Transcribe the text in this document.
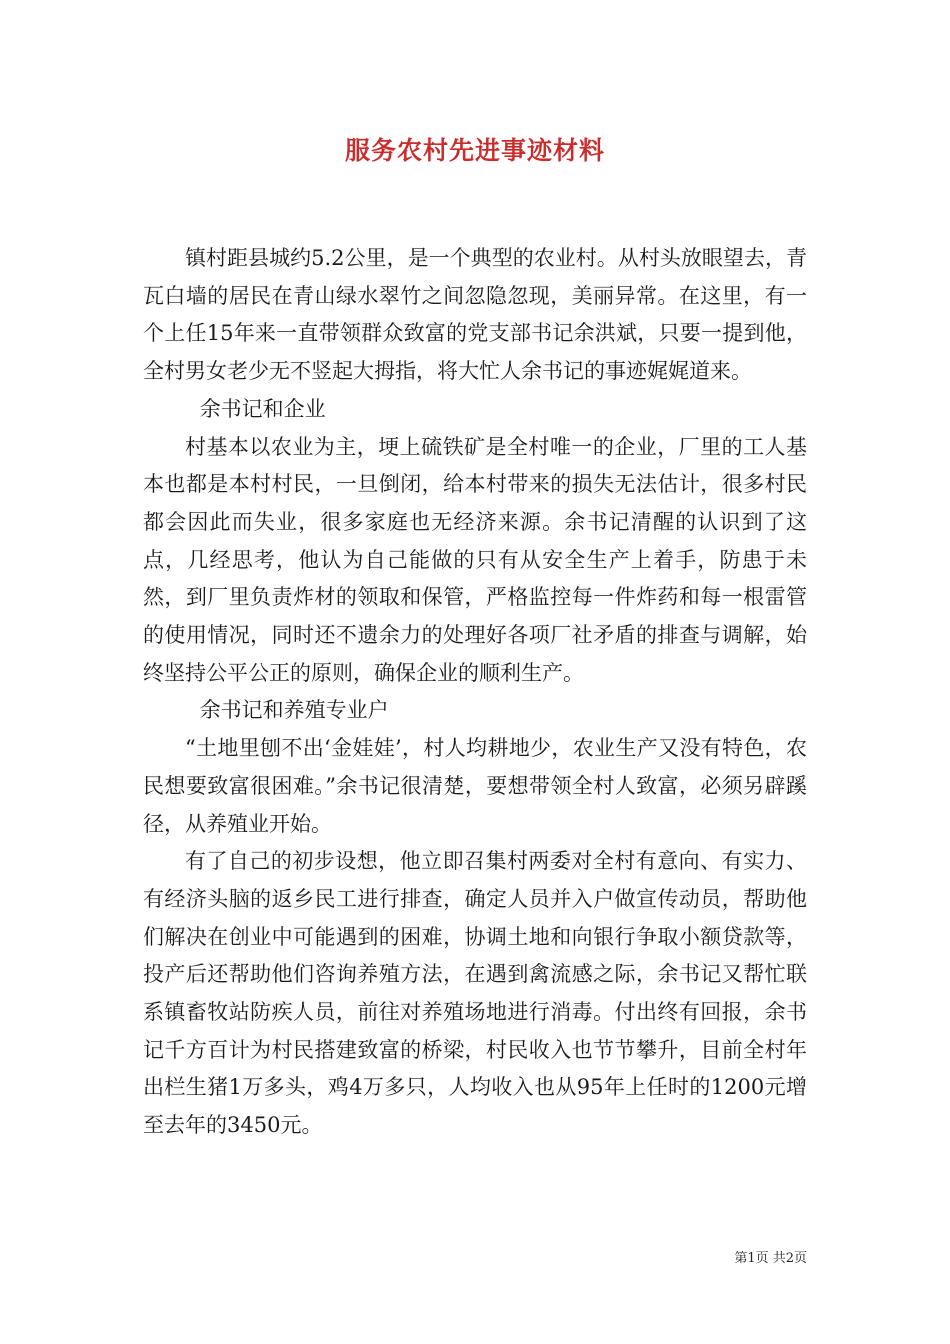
服务农村先进事迹材料

镇村距县城约5.2公里，是一个典型的农业村。从村头放眼望去，青瓦白墙的居民在青山绿水翠竹之间忽隐忽现，美丽异常。在这里，有一个上任15年来一直带领群众致富的党支部书记余洪斌，只要一提到他，全村男女老少无不竖起大拇指，将大忙人余书记的事迹娓娓道来。

余书记和企业

村基本以农业为主，埂上硫铁矿是全村唯一的企业，厂里的工人基本也都是本村村民，一旦倒闭，给本村带来的损失无法估计，很多村民都会因此而失业，很多家庭也无经济来源。余书记清醒的认识到了这点，几经思考，他认为自己能做的只有从安全生产上着手，防患于未然，到厂里负责炸材的领取和保管，严格监控每一件炸药和每一根雷管的使用情况，同时还不遗余力的处理好各项厂社矛盾的排查与调解，始终坚持公平公正的原则，确保企业的顺利生产。

余书记和养殖专业户

“土地里刨不出‘金娃娃’，村人均耕地少，农业生产又没有特色，农民想要致富很困难。”余书记很清楚，要想带领全村人致富，必须另辟蹊径，从养殖业开始。

有了自己的初步设想，他立即召集村两委对全村有意向、有实力、有经济头脑的返乡民工进行排查，确定人员并入户做宣传动员，帮助他们解决在创业中可能遇到的困难，协调土地和向银行争取小额贷款等，投产后还帮助他们咨询养殖方法，在遇到禽流感之际，余书记又帮忙联系镇畜牧站防疾人员，前往对养殖场地进行消毒。付出终有回报，余书记千方百计为村民搭建致富的桥梁，村民收入也节节攀升，目前全村年出栏生猪1万多头，鸡4万多只，人均收入也从95年上任时的1200元增至去年的3450元。

第1页 共2页
